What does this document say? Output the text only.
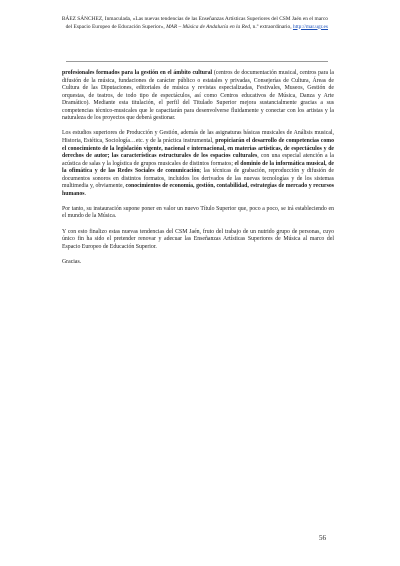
BÁEZ SÁNCHEZ, Inmaculada, «Las nuevas tendencias de las Enseñanzas Artísticas Superiores del CSM Jaén en el marco del Espacio Europeo de Educación Superior», MAR – Música de Andalucía en la Red, n.º extraordinario, http://mar.ugr.es

profesionales formados para la gestión en el ámbito cultural (centros de documentación musical, centros para la difusión de la música, fundaciones de carácter público o estatales y privadas, Consejerías de Cultura, Áreas de Cultura de las Diputaciones, editoriales de música y revistas especializadas, Festivales, Museos, Gestión de orquestas, de teatros, de todo tipo de espectáculos, así como Centros educativos de Música, Danza y Arte Dramático). Mediante esta titulación, el perfil del Titulado Superior mejora sustancialmente gracias a sus competencias técnico-musicales que le capacitarán para desenvolverse fluidamente y conectar con los artistas y la naturaleza de los proyectos que deberá gestionar.

Los estudios superiores de Producción y Gestión, además de las asignaturas básicas musicales de Análisis musical, Historia, Estética, Sociología…etc. y de la práctica instrumental, propiciarán el desarrollo de competencias como el conocimiento de la legislación vigente, nacional e internacional, en materias artísticas, de espectáculos y de derechos de autor; las características estructurales de los espacios culturales, con una especial atención a la acústica de salas y la logística de grupos musicales de distintos formatos; el dominio de la informática musical, de la ofimática y de las Redes Sociales de comunicación; las técnicas de grabación, reproducción y difusión de documentos sonoros en distintos formatos, incluidos los derivados de las nuevas tecnologías y de los sistemas multimedia y, obviamente, conocimientos de economía, gestión, contabilidad, estrategias de mercado y recursos humanos.

Por tanto, su instauración supone poner en valor un nuevo Título Superior que, poco a poco, se irá estableciendo en el mundo de la Música.

Y con esto finalizo estas nuevas tendencias del CSM Jaén, fruto del trabajo de un nutrido grupo de personas, cuyo único fin ha sido el pretender renovar y adecuar las Enseñanzas Artísticas Superiores de Música al marco del Espacio Europeo de Educación Superior.

Gracias.

56
